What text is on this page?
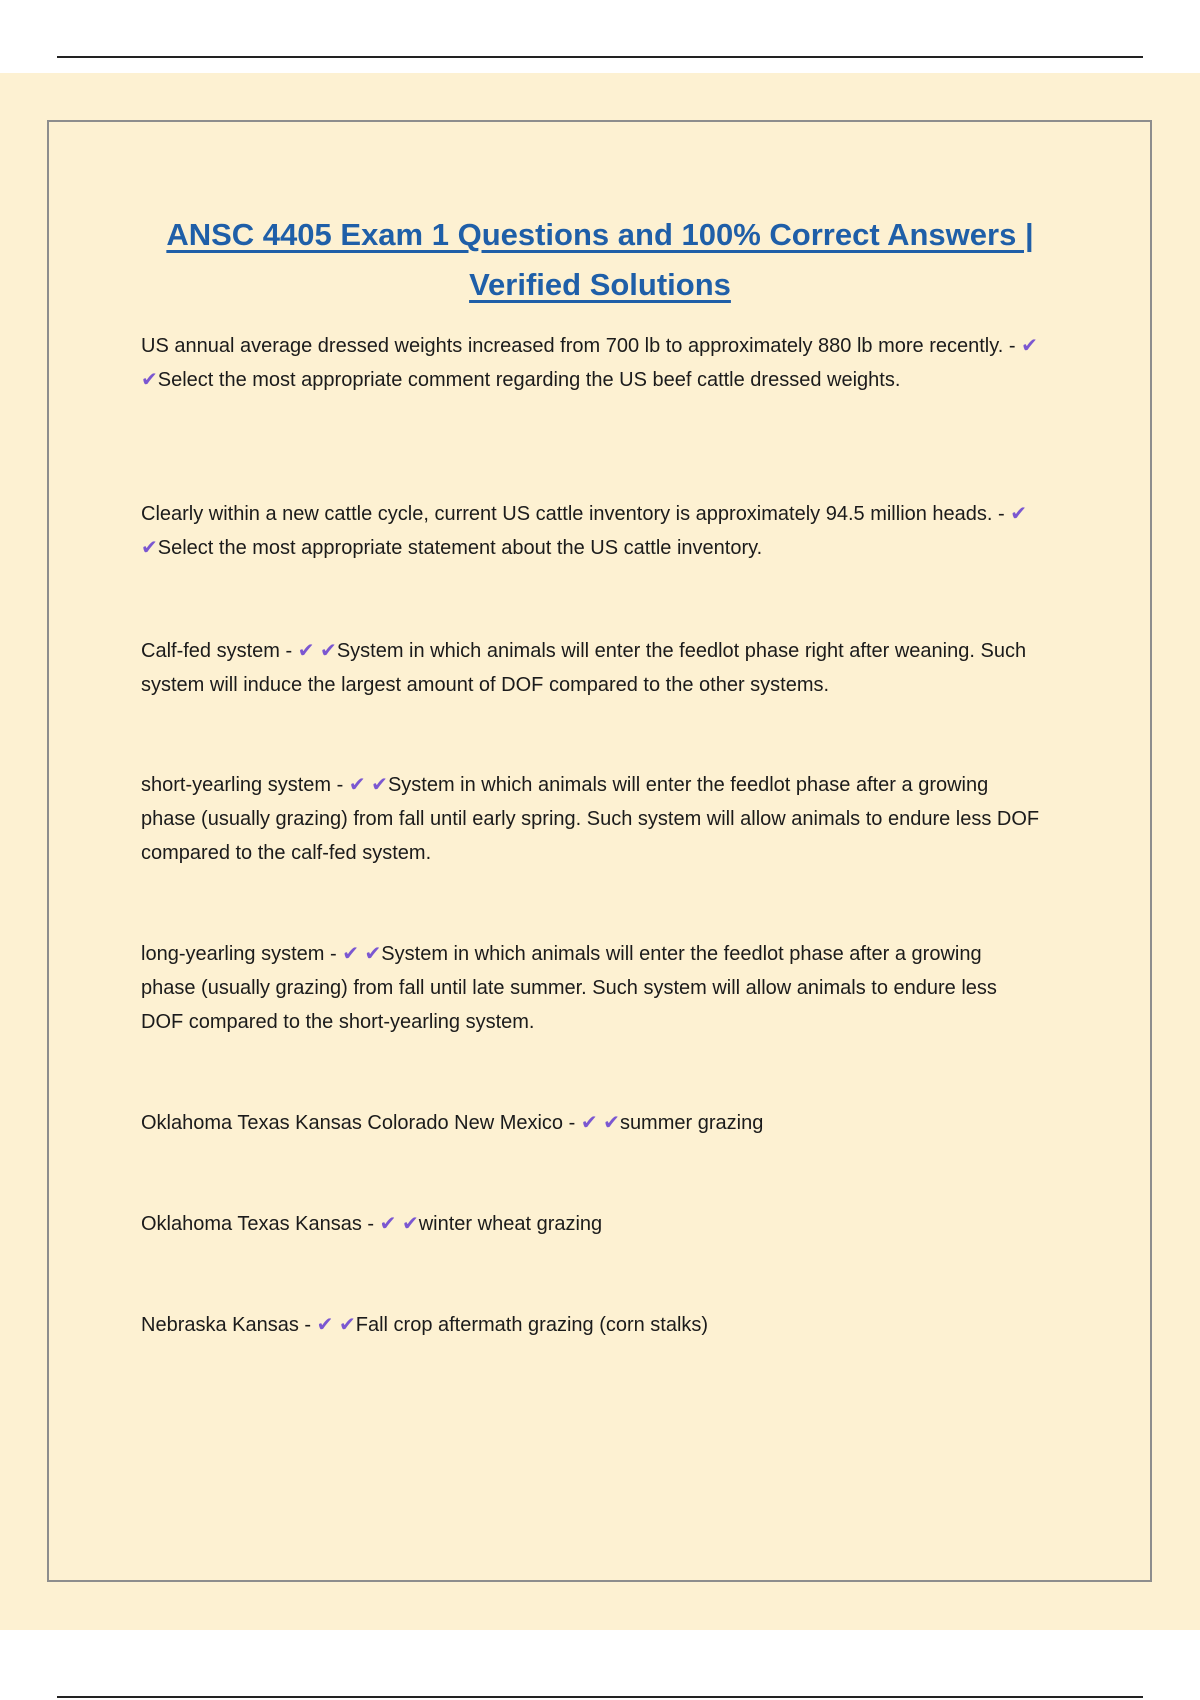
ANSC 4405 Exam 1 Questions and 100% Correct Answers |
Verified Solutions
US annual average dressed weights increased from 700 lb to approximately 880 lb more recently. - ✔ ✔Select the most appropriate comment regarding the US beef cattle dressed weights.
Clearly within a new cattle cycle, current US cattle inventory is approximately 94.5 million heads. - ✔ ✔Select the most appropriate statement about the US cattle inventory.
Calf-fed system - ✔ ✔System in which animals will enter the feedlot phase right after weaning. Such system will induce the largest amount of DOF compared to the other systems.
short-yearling system - ✔ ✔System in which animals will enter the feedlot phase after a growing phase (usually grazing) from fall until early spring. Such system will allow animals to endure less DOF compared to the calf-fed system.
long-yearling system - ✔ ✔System in which animals will enter the feedlot phase after a growing phase (usually grazing) from fall until late summer. Such system will allow animals to endure less DOF compared to the short-yearling system.
Oklahoma Texas Kansas Colorado New Mexico - ✔ ✔summer grazing
Oklahoma Texas Kansas - ✔ ✔winter wheat grazing
Nebraska Kansas - ✔ ✔Fall crop aftermath grazing (corn stalks)
